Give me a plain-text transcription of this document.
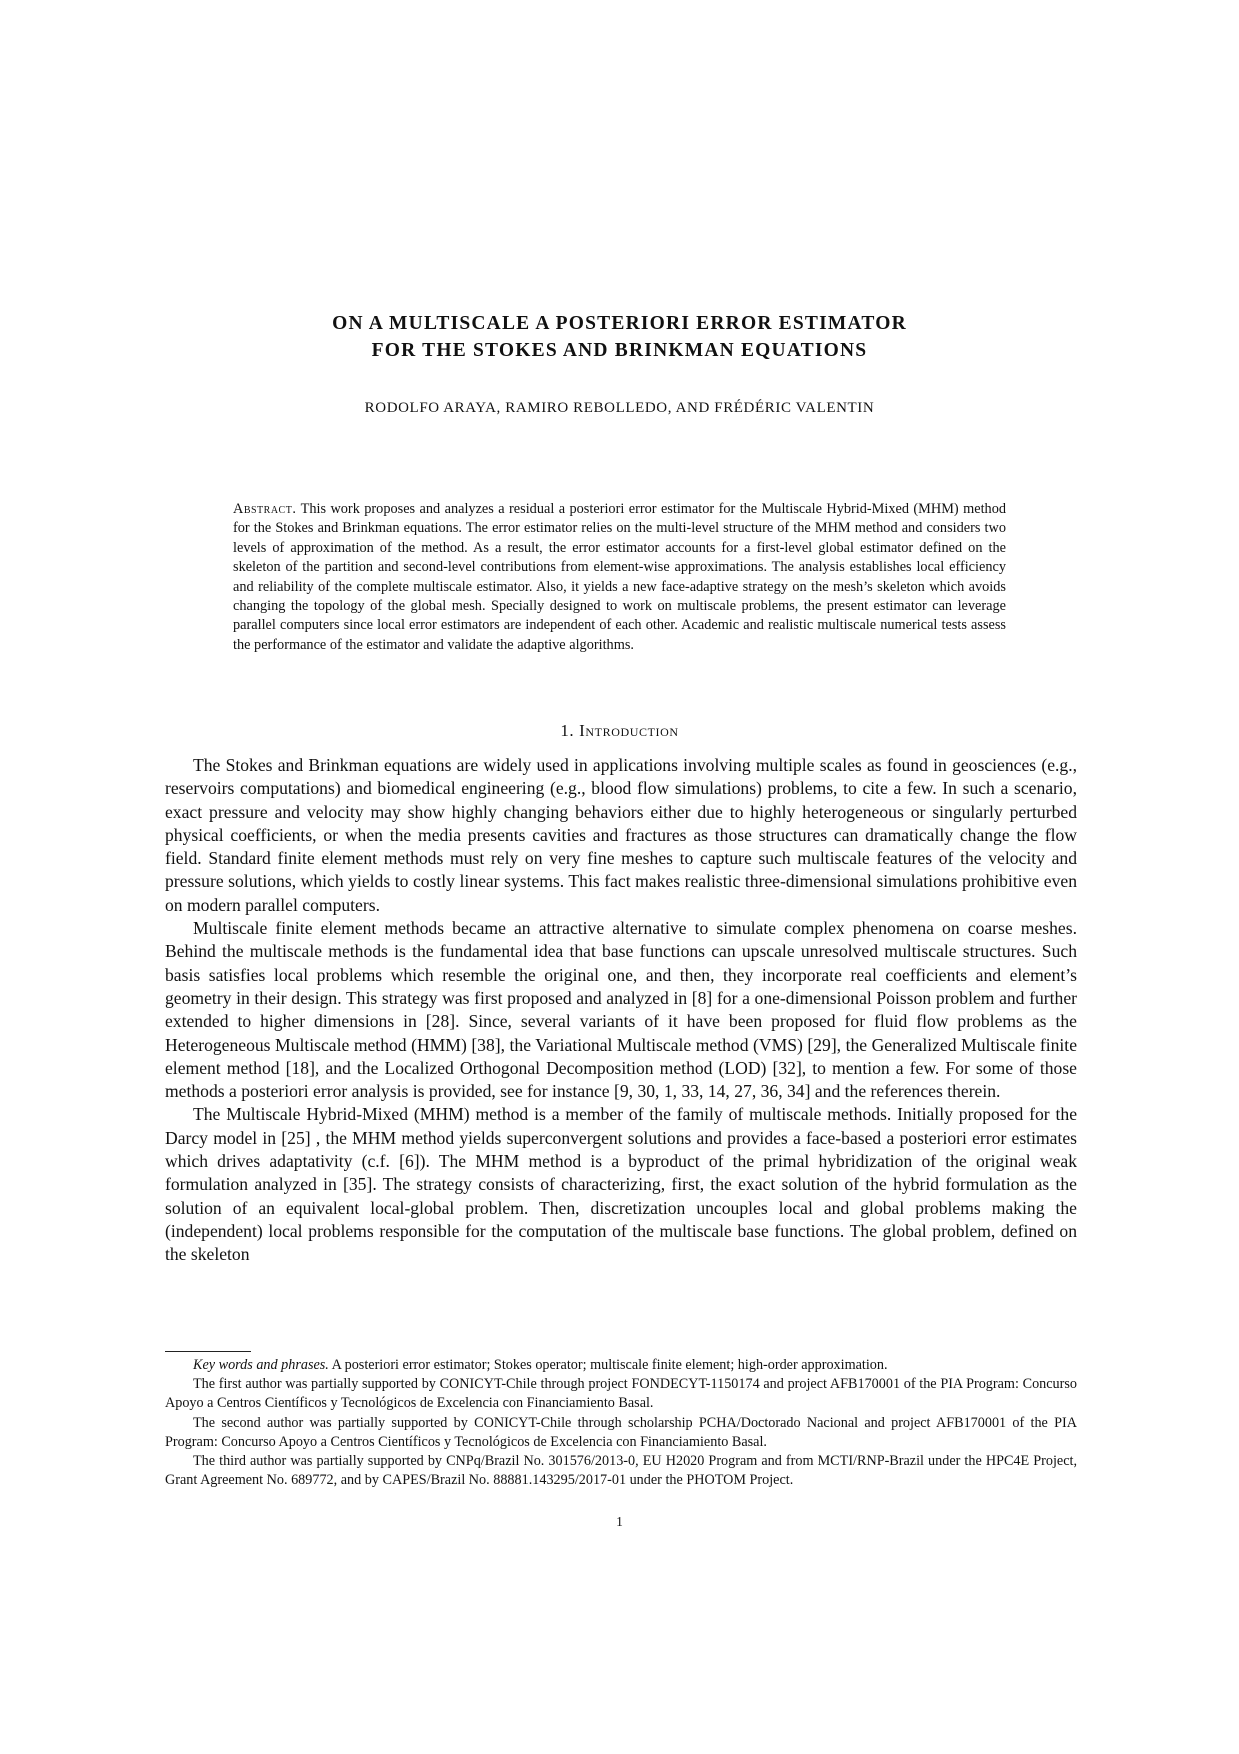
ON A MULTISCALE A POSTERIORI ERROR ESTIMATOR
FOR THE STOKES AND BRINKMAN EQUATIONS
RODOLFO ARAYA, RAMIRO REBOLLEDO, AND FRÉDÉRIC VALENTIN
Abstract. This work proposes and analyzes a residual a posteriori error estimator for the Multiscale Hybrid-Mixed (MHM) method for the Stokes and Brinkman equations. The error estimator relies on the multi-level structure of the MHM method and considers two levels of approximation of the method. As a result, the error estimator accounts for a first-level global estimator defined on the skeleton of the partition and second-level contributions from element-wise approximations. The analysis establishes local efficiency and reliability of the complete multiscale estimator. Also, it yields a new face-adaptive strategy on the mesh’s skeleton which avoids changing the topology of the global mesh. Specially designed to work on multiscale problems, the present estimator can leverage parallel computers since local error estimators are independent of each other. Academic and realistic multiscale numerical tests assess the performance of the estimator and validate the adaptive algorithms.
1. Introduction

The Stokes and Brinkman equations are widely used in applications involving multiple scales as found in geosciences (e.g., reservoirs computations) and biomedical engineering (e.g., blood flow simulations) problems, to cite a few. In such a scenario, exact pressure and velocity may show highly changing behaviors either due to highly heterogeneous or singularly perturbed physical coefficients, or when the media presents cavities and fractures as those structures can dramatically change the flow field. Standard finite element methods must rely on very fine meshes to capture such multiscale features of the velocity and pressure solutions, which yields to costly linear systems. This fact makes realistic three-dimensional simulations prohibitive even on modern parallel computers.

Multiscale finite element methods became an attractive alternative to simulate complex phenomena on coarse meshes. Behind the multiscale methods is the fundamental idea that base functions can upscale unresolved multiscale structures. Such basis satisfies local problems which resemble the original one, and then, they incorporate real coefficients and element’s geometry in their design. This strategy was first proposed and analyzed in [8] for a one-dimensional Poisson problem and further extended to higher dimensions in [28]. Since, several variants of it have been proposed for fluid flow problems as the Heterogeneous Multiscale method (HMM) [38], the Variational Multiscale method (VMS) [29], the Generalized Multiscale finite element method [18], and the Localized Orthogonal Decomposition method (LOD) [32], to mention a few. For some of those methods a posteriori error analysis is provided, see for instance [9, 30, 1, 33, 14, 27, 36, 34] and the references therein.

The Multiscale Hybrid-Mixed (MHM) method is a member of the family of multiscale methods. Initially proposed for the Darcy model in [25] , the MHM method yields superconvergent solutions and provides a face-based a posteriori error estimates which drives adaptativity (c.f. [6]). The MHM method is a byproduct of the primal hybridization of the original weak formulation analyzed in [35]. The strategy consists of characterizing, first, the exact solution of the hybrid formulation as the solution of an equivalent local-global problem. Then, discretization uncouples local and global problems making the (independent) local problems responsible for the computation of the multiscale base functions. The global problem, defined on the skeleton

Key words and phrases. A posteriori error estimator; Stokes operator; multiscale finite element; high-order approximation.

The first author was partially supported by CONICYT-Chile through project FONDECYT-1150174 and project AFB170001 of the PIA Program: Concurso Apoyo a Centros Científicos y Tecnológicos de Excelencia con Financiamiento Basal.

The second author was partially supported by CONICYT-Chile through scholarship PCHA/Doctorado Nacional and project AFB170001 of the PIA Program: Concurso Apoyo a Centros Científicos y Tecnológicos de Excelencia con Financiamiento Basal.

The third author was partially supported by CNPq/Brazil No. 301576/2013-0, EU H2020 Program and from MCTI/RNP-Brazil under the HPC4E Project, Grant Agreement No. 689772, and by CAPES/Brazil No. 88881.143295/2017-01 under the PHOTOM Project.

1
